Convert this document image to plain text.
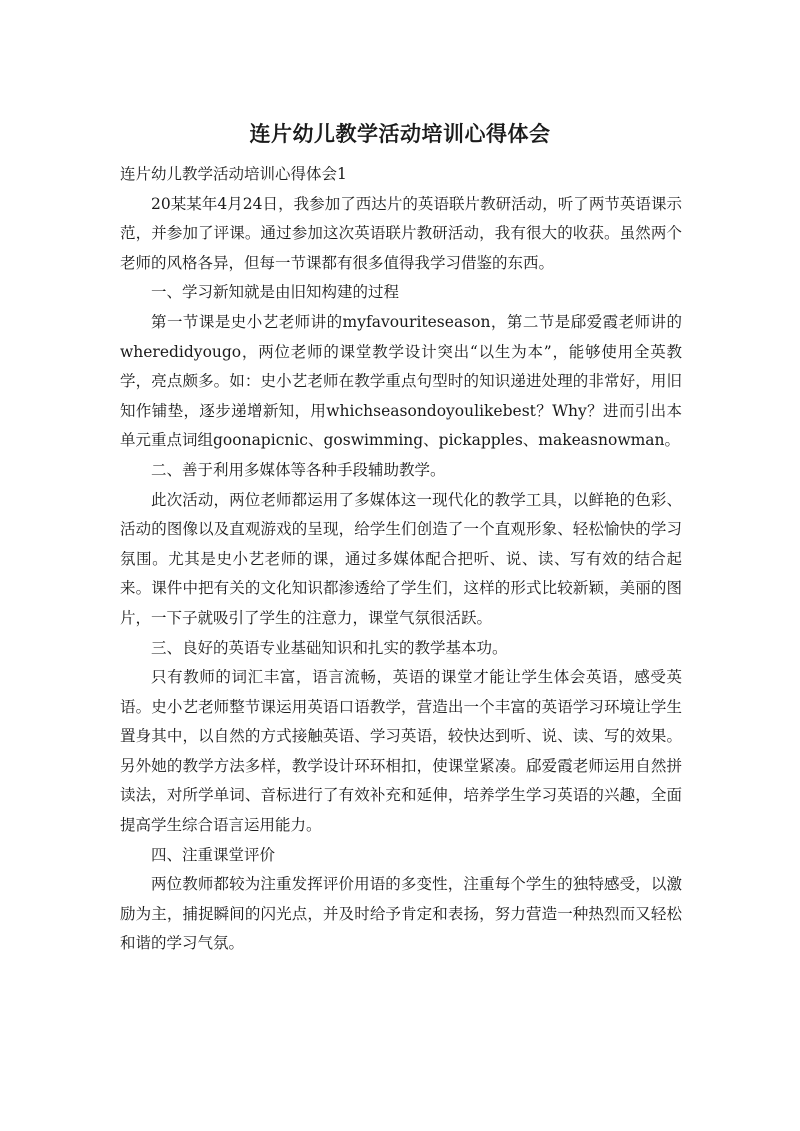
连片幼儿教学活动培训心得体会

连片幼儿教学活动培训心得体会1

20某某年4月24日，我参加了西达片的英语联片教研活动，听了两节英语课示范，并参加了评课。通过参加这次英语联片教研活动，我有很大的收获。虽然两个老师的风格各异，但每一节课都有很多值得我学习借鉴的东西。

一、学习新知就是由旧知构建的过程

第一节课是史小艺老师讲的myfavouriteseason，第二节是郈爱霞老师讲的wheredidyougo，两位老师的课堂教学设计突出“以生为本”，能够使用全英教学，亮点颇多。如：史小艺老师在教学重点句型时的知识递进处理的非常好，用旧知作铺垫，逐步递增新知，用whichseasondoyoulikebest？Why？进而引出本单元重点词组goonapicnic、goswimming、pickapples、makeasnowman。

二、善于利用多媒体等各种手段辅助教学。

此次活动，两位老师都运用了多媒体这一现代化的教学工具，以鲜艳的色彩、活动的图像以及直观游戏的呈现，给学生们创造了一个直观形象、轻松愉快的学习氛围。尤其是史小艺老师的课，通过多媒体配合把听、说、读、写有效的结合起来。课件中把有关的文化知识都渗透给了学生们，这样的形式比较新颖，美丽的图片，一下子就吸引了学生的注意力，课堂气氛很活跃。

三、良好的英语专业基础知识和扎实的教学基本功。

只有教师的词汇丰富，语言流畅，英语的课堂才能让学生体会英语，感受英语。史小艺老师整节课运用英语口语教学，营造出一个丰富的英语学习环境让学生置身其中，以自然的方式接触英语、学习英语，较快达到听、说、读、写的效果。另外她的教学方法多样，教学设计环环相扣，使课堂紧凑。郈爱霞老师运用自然拼读法，对所学单词、音标进行了有效补充和延伸，培养学生学习英语的兴趣，全面提高学生综合语言运用能力。

四、注重课堂评价

两位教师都较为注重发挥评价用语的多变性，注重每个学生的独特感受，以激励为主，捕捉瞬间的闪光点，并及时给予肯定和表扬，努力营造一种热烈而又轻松和谐的学习气氛。
